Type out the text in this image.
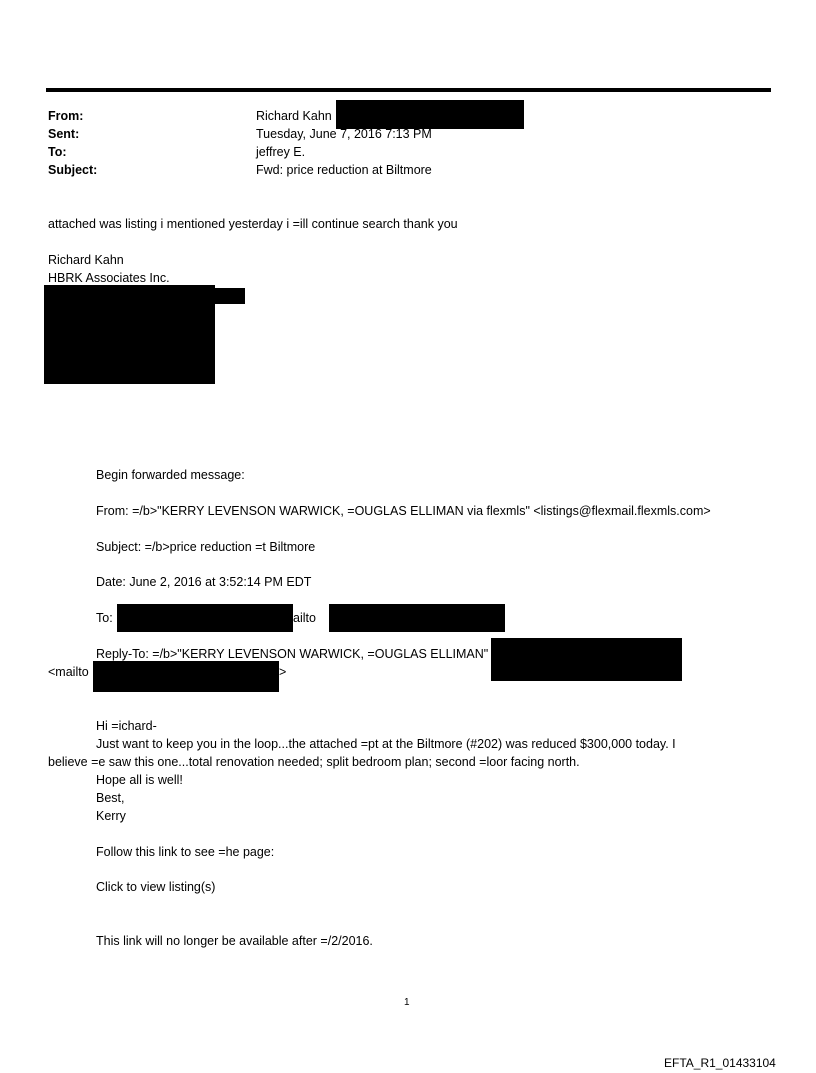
From:	Richard Kahn
Sent:	Tuesday, June 7, 2016 7:13 PM
To:	jeffrey E.
Subject:	Fwd: price reduction at Biltmore
attached was listing i mentioned yesterday i =ill continue search thank you
Richard Kahn
HBRK Associates Inc.
Begin forwarded message:
From: =/b>"KERRY LEVENSON WARWICK, =OUGLAS ELLIMAN via flexmls" <listings@flexmail.flexmls.com>
Subject: =/b>price reduction =t Biltmore
Date: June 2, 2016 at 3:52:14 PM EDT
To:	ailto
Reply-To: =/b>"KERRY LEVENSON WARWICK, =OUGLAS ELLIMAN"
<mailto	>
Hi =ichard-
Just want to keep you in the loop...the attached =pt at the Biltmore (#202) was reduced $300,000 today. I
believe =e saw this one...total renovation needed; split bedroom plan; second =loor facing north.
Hope all is well!
Best,
Kerry
Follow this link to see =he page:
Click to view listing(s)
This link will no longer be available after =/2/2016.
1
EFTA_R1_01433104
